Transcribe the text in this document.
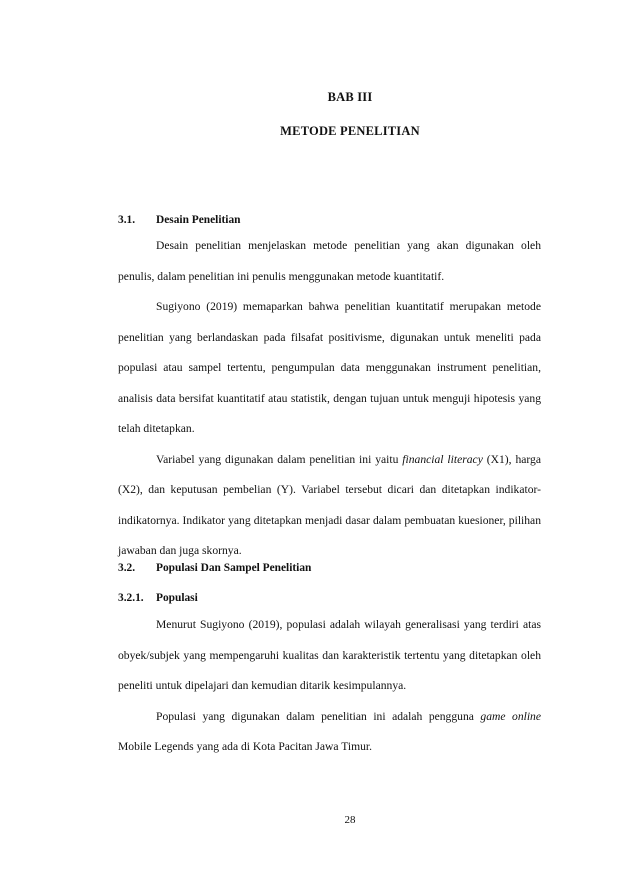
BAB III
METODE PENELITIAN
3.1. Desain Penelitian

Desain penelitian menjelaskan metode penelitian yang akan digunakan oleh penulis, dalam penelitian ini penulis menggunakan metode kuantitatif.

Sugiyono (2019) memaparkan bahwa penelitian kuantitatif merupakan metode penelitian yang berlandaskan pada filsafat positivisme, digunakan untuk meneliti pada populasi atau sampel tertentu, pengumpulan data menggunakan instrument penelitian, analisis data bersifat kuantitatif atau statistik, dengan tujuan untuk menguji hipotesis yang telah ditetapkan.

Variabel yang digunakan dalam penelitian ini yaitu financial literacy (X1), harga (X2), dan keputusan pembelian (Y). Variabel tersebut dicari dan ditetapkan indikator-indikatornya. Indikator yang ditetapkan menjadi dasar dalam pembuatan kuesioner, pilihan jawaban dan juga skornya.

3.2. Populasi Dan Sampel Penelitian
3.2.1. Populasi

Menurut Sugiyono (2019), populasi adalah wilayah generalisasi yang terdiri atas obyek/subjek yang mempengaruhi kualitas dan karakteristik tertentu yang ditetapkan oleh peneliti untuk dipelajari dan kemudian ditarik kesimpulannya.

Populasi yang digunakan dalam penelitian ini adalah pengguna game online Mobile Legends yang ada di Kota Pacitan Jawa Timur.

28
